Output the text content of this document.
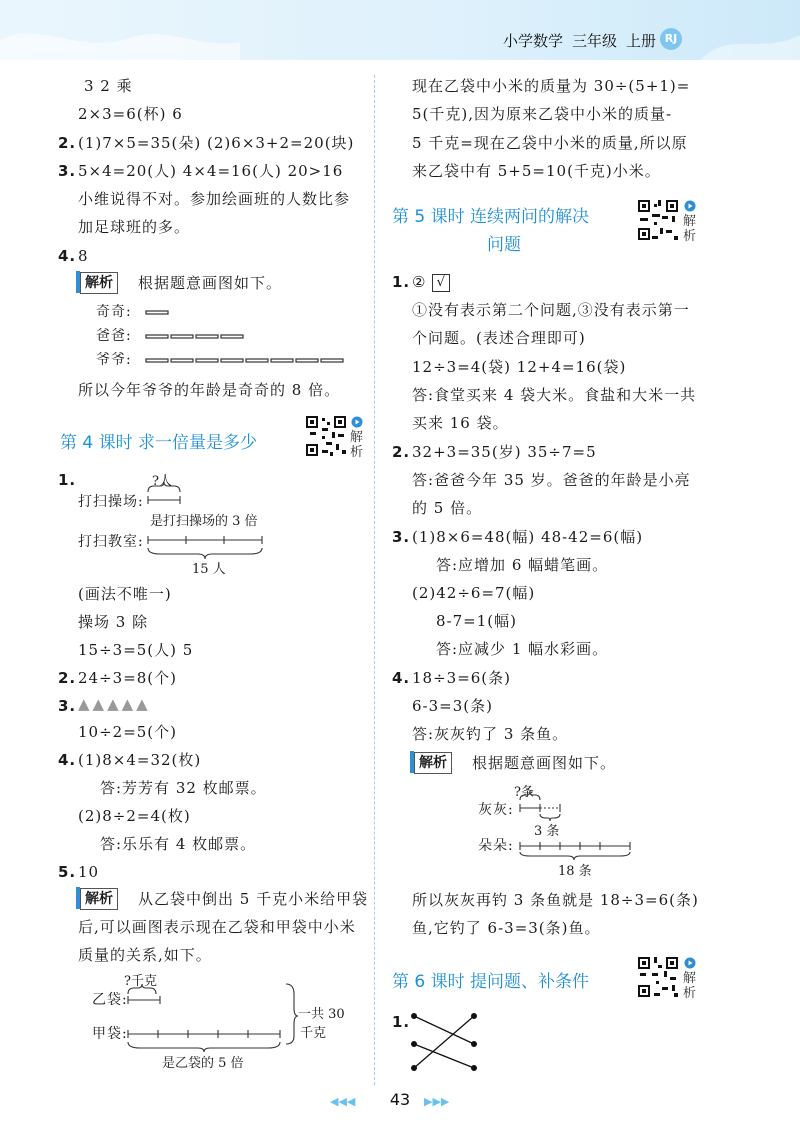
小学数学 三年级 上册 RJ
3 2 乘
2×3=6(杯) 6
2. (1)7×5=35(朵) (2)6×3+2=20(块)
3. 5×4=20(人) 4×4=16(人) 20>16
小维说得不对。参加绘画班的人数比参
加足球班的多。
4. 8
解析	根据题意画图如下。
奇奇:
爸爸:
爷爷:
所以今年爷爷的年龄是奇奇的 8 倍。
第 4 课时 求一倍量是多少	解析
1.	?人
打扫操场:
是打扫操场的 3 倍
打扫教室:
15 人
(画法不唯一)
操场 3 除
15÷3=5(人) 5
2. 24÷3=8(个)
3. ▲▲▲▲▲
10÷2=5(个)
4. (1)8×4=32(枚)
答:芳芳有 32 枚邮票。
(2)8÷2=4(枚)
答:乐乐有 4 枚邮票。
5. 10
解析	从乙袋中倒出 5 千克小米给甲袋
后,可以画图表示现在乙袋和甲袋中小米
质量的关系,如下。
?千克
乙袋:
甲袋:
一共 30
千克
是乙袋的 5 倍
现在乙袋中小米的质量为 30÷(5+1)=
5(千克),因为原来乙袋中小米的质量-
5 千克=现在乙袋中小米的质量,所以原
来乙袋中有 5+5=10(千克)小米。
第 5 课时 连续两问的解决
问题
解析
1. ② √
①没有表示第二个问题,③没有表示第一
个问题。(表述合理即可)
12÷3=4(袋) 12+4=16(袋)
答:食堂买来 4 袋大米。食盐和大米一共
买来 16 袋。
2. 32+3=35(岁) 35÷7=5
答:爸爸今年 35 岁。爸爸的年龄是小亮
的 5 倍。
3. (1)8×6=48(幅) 48-42=6(幅)
答:应增加 6 幅蜡笔画。
(2)42÷6=7(幅)
8-7=1(幅)
答:应减少 1 幅水彩画。
4. 18÷3=6(条)
6-3=3(条)
答:灰灰钓了 3 条鱼。
解析	根据题意画图如下。
?条
灰灰:
3 条
朵朵:
18 条
所以灰灰再钓 3 条鱼就是 18÷3=6(条)
鱼,它钓了 6-3=3(条)鱼。
第 6 课时 提问题、补条件	解析
1.
◀◀◀	43	▶▶▶
